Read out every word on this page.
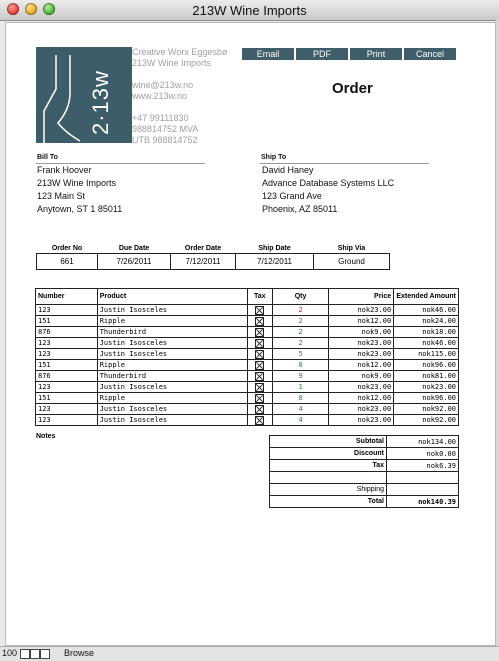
213W Wine Imports
2·13w
Creative Worx Eggesbø
213W Wine Imports
wine@213w.no
www.213w.no
+47 99111830
988814752 MVA
UTB 988814752
Email	PDF	Print	Cancel
Order
Bill To
Frank Hoover
213W Wine Imports
123 Main St
Anytown, ST 1 85011
Ship To
David Haney
Advance Database Systems LLC
123 Grand Ave
Phoenix, AZ 85011
Order No	Due Date	Order Date	Ship Date	Ship Via
661	7/26/2011	7/12/2011	7/12/2011	Ground
Number	Product	Tax	Qty	Price	Extended Amount
123	Justin Isosceles		2	nok23.00	nok46.00
151	Ripple		2	nok12.00	nok24.00
876	Thunderbird		2	nok9.00	nok18.00
123	Justin Isosceles		2	nok23.00	nok46.00
123	Justin Isosceles		5	nok23.00	nok115.00
151	Ripple		8	nok12.00	nok96.00
876	Thunderbird		9	nok9.00	nok81.00
123	Justin Isosceles		1	nok23.00	nok23.00
151	Ripple		8	nok12.00	nok96.00
123	Justin Isosceles		4	nok23.00	nok92.00
123	Justin Isosceles		4	nok23.00	nok92.00
Notes
Subtotal	nok134.00
Discount	nok0.00
Tax	nok6.39

Shipping	
Total	nok140.39
100	Browse
